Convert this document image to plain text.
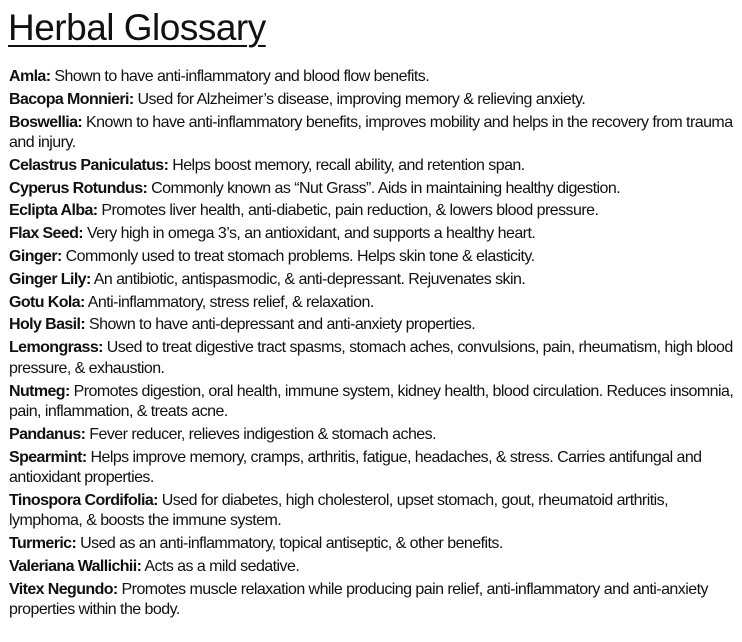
Herbal Glossary
Amla: Shown to have anti-inflammatory and blood flow benefits.
Bacopa Monnieri: Used for Alzheimer’s disease, improving memory & relieving anxiety.
Boswellia: Known to have anti-inflammatory benefits, improves mobility and helps in the recovery from trauma and injury.
Celastrus Paniculatus: Helps boost memory, recall ability, and retention span.
Cyperus Rotundus: Commonly known as “Nut Grass”. Aids in maintaining healthy digestion.
Eclipta Alba: Promotes liver health, anti-diabetic, pain reduction, & lowers blood pressure.
Flax Seed: Very high in omega 3’s, an antioxidant, and supports a healthy heart.
Ginger: Commonly used to treat stomach problems. Helps skin tone & elasticity.
Ginger Lily: An antibiotic, antispasmodic, & anti-depressant. Rejuvenates skin.
Gotu Kola: Anti-inflammatory, stress relief, & relaxation.
Holy Basil: Shown to have anti-depressant and anti-anxiety properties.
Lemongrass: Used to treat digestive tract spasms, stomach aches, convulsions, pain, rheumatism, high blood pressure, & exhaustion.
Nutmeg: Promotes digestion, oral health, immune system, kidney health, blood circulation. Reduces insomnia, pain, inflammation, & treats acne.
Pandanus: Fever reducer, relieves indigestion & stomach aches.
Spearmint: Helps improve memory, cramps, arthritis, fatigue, headaches, & stress. Carries antifungal and antioxidant properties.
Tinospora Cordifolia: Used for diabetes, high cholesterol, upset stomach, gout, rheumatoid arthritis, lymphoma, & boosts the immune system.
Turmeric: Used as an anti-inflammatory, topical antiseptic, & other benefits.
Valeriana Wallichii: Acts as a mild sedative.
Vitex Negundo: Promotes muscle relaxation while producing pain relief, anti-inflammatory and anti-anxiety properties within the body.
